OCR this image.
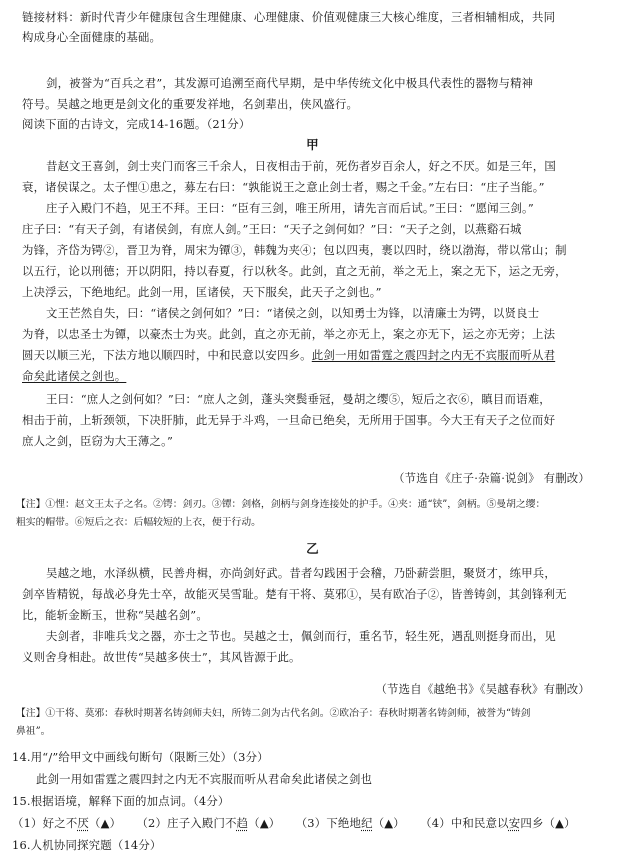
链接材料：新时代青少年健康包含生理健康、心理健康、价值观健康三大核心维度，三者相辅相成，共同
构成身心全面健康的基础。
剑，被誉为“百兵之君”，其发源可追溯至商代早期，是中华传统文化中极具代表性的器物与精神
符号。吴越之地更是剑文化的重要发祥地，名剑辈出，侠风盛行。
阅读下面的古诗文，完成14-16题。（21分）
甲
昔赵文王喜剑，剑士夹门而客三千余人，日夜相击于前，死伤者岁百余人，好之不厌。如是三年，国
衰，诸侯谋之。太子悝①患之，募左右曰：“孰能说王之意止剑士者，赐之千金。”左右曰：“庄子当能。”
庄子入殿门不趋，见王不拜。王曰：“臣有三剑，唯王所用，请先言而后试。”王曰：“愿闻三剑。”
庄子曰：“有天子剑，有诸侯剑，有庶人剑。”王曰：“天子之剑何如？”曰：“天子之剑，以燕谿石城
为锋，齐岱为锷②，晋卫为脊，周宋为镡③，韩魏为夹④；包以四夷，裹以四时，绕以渤海，带以常山；制
以五行，论以刑德；开以阴阳，持以春夏，行以秋冬。此剑，直之无前，举之无上，案之无下，运之无旁，
上决浮云，下绝地纪。此剑一用，匡诸侯，天下服矣，此天子之剑也。”
文王芒然自失，曰：“诸侯之剑何如？”曰：“诸侯之剑，以知勇士为锋，以清廉士为锷，以贤良士
为脊，以忠圣士为镡，以豪杰士为夹。此剑，直之亦无前，举之亦无上，案之亦无下，运之亦无旁；上法
圆天以顺三光，下法方地以顺四时，中和民意以安四乡。此剑一用如雷霆之震四封之内无不宾服而听从君
命矣此诸侯之剑也。
王曰：“庶人之剑何如？”曰：“庶人之剑，蓬头突鬓垂冠，曼胡之缨⑤，短后之衣⑥，瞋目而语难，
相击于前，上斩颈领，下决肝肺，此无异于斗鸡，一旦命已绝矣，无所用于国事。今大王有天子之位而好
庶人之剑，臣窃为大王薄之。”
（节选自《庄子·杂篇·说剑》 有删改）
【注】①悝：赵文王太子之名。②锷：剑刃。③镡：剑格，剑柄与剑身连接处的护手。④夹：通“铗”，剑柄。⑤曼胡之缨：
粗实的帽带。⑥短后之衣：后幅较短的上衣，便于行动。
乙
吴越之地，水泽纵横，民善舟楫，亦尚剑好武。昔者勾践困于会稽，乃卧薪尝胆，聚贤才，练甲兵，
剑卒皆精锐，每战必身先士卒，故能灭吴雪耻。楚有干将、莫邪①，吴有欧冶子②，皆善铸剑，其剑锋利无
比，能斩金断玉，世称“吴越名剑”。
夫剑者，非唯兵戈之器，亦士之节也。吴越之士，佩剑而行，重名节，轻生死，遇乱则挺身而出，见
义则舍身相赴。故世传“吴越多侠士”，其风皆源于此。
（节选自《越绝书》《吴越春秋》有删改）
【注】①干将、莫邪：春秋时期著名铸剑师夫妇，所铸二剑为古代名剑。②欧冶子：春秋时期著名铸剑师，被誉为“铸剑
鼻祖”。
14.用“/”给甲文中画线句断句（限断三处）（3分）
此剑一用如雷霆之震四封之内无不宾服而听从君命矣此诸侯之剑也
15.根据语境，解释下面的加点词。（4分）
（1）好之不厌（▲） （2）庄子入殿门不趋（▲） （3）下绝地纪（▲） （4）中和民意以安四乡（▲）
16.人机协同探究题（14分）
